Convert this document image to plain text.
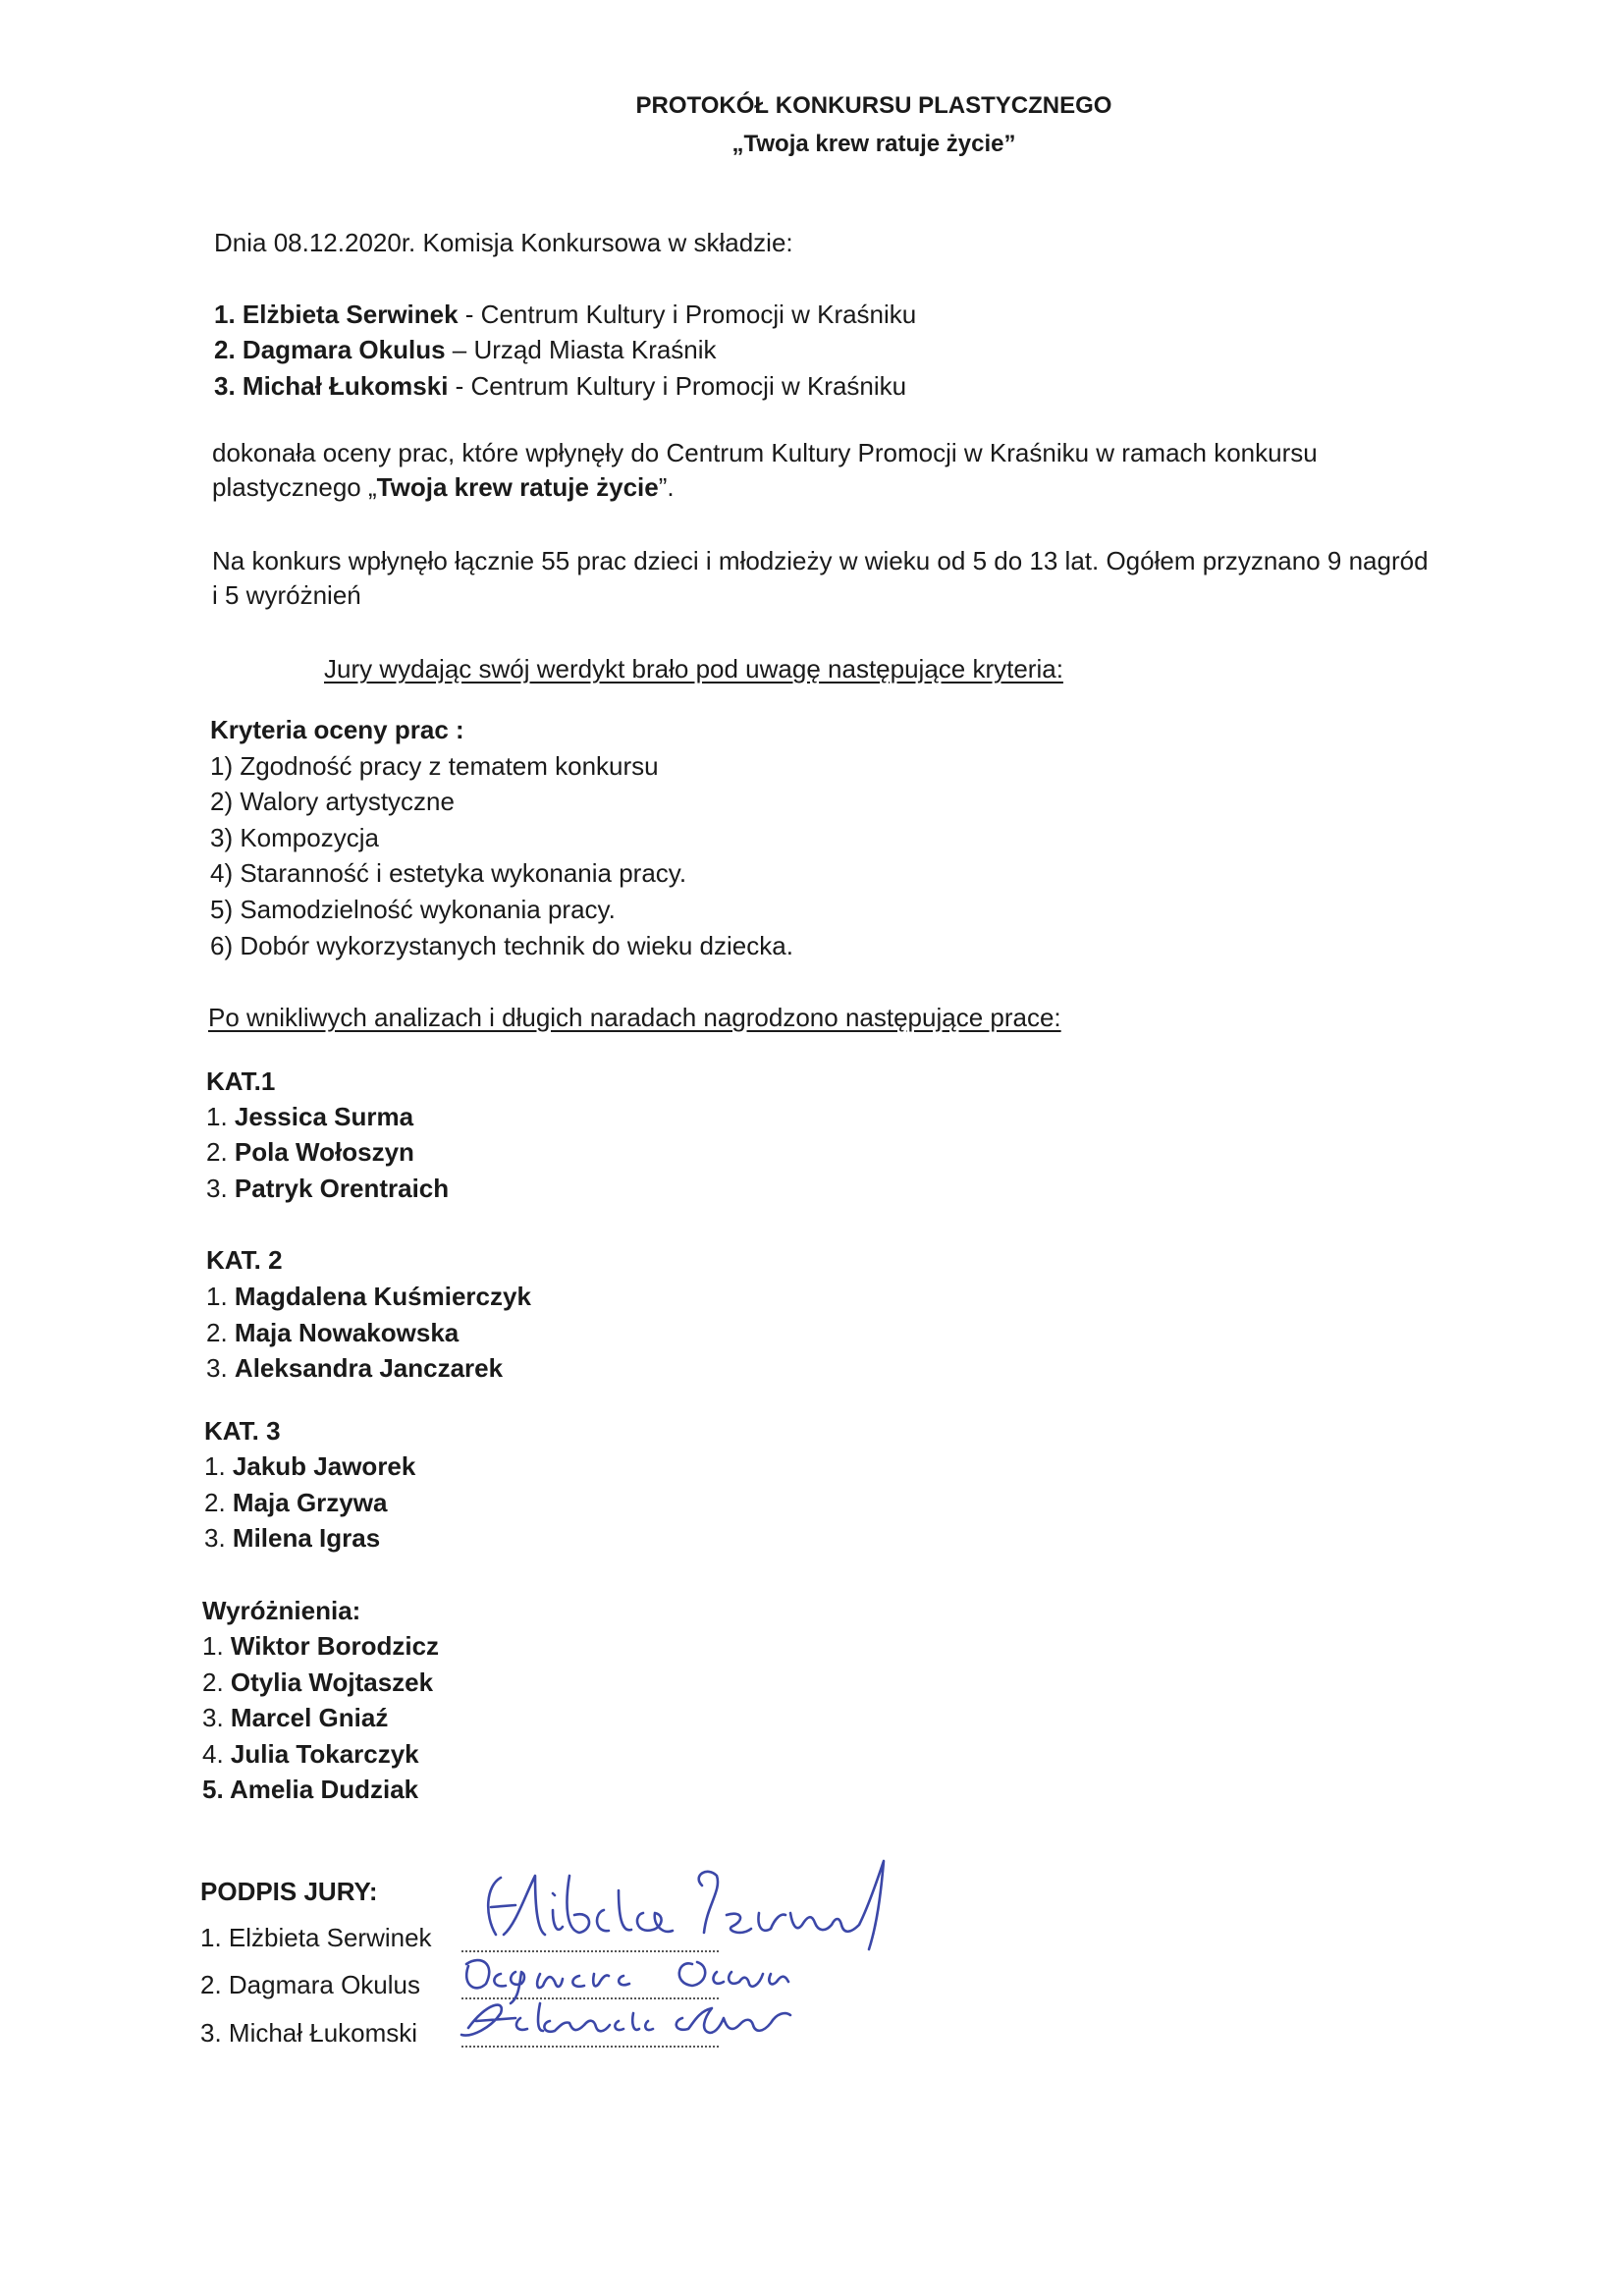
PROTOKÓŁ KONKURSU PLASTYCZNEGO
„Twoja krew ratuje życie”
Dnia 08.12.2020r. Komisja Konkursowa w składzie:
1. Elżbieta Serwinek - Centrum Kultury i Promocji w Kraśniku
2. Dagmara Okulus – Urząd Miasta Kraśnik
3. Michał Łukomski - Centrum Kultury i Promocji w Kraśniku
dokonała oceny prac, które wpłynęły do Centrum Kultury Promocji w Kraśniku w ramach konkursu
plastycznego „Twoja krew ratuje życie”.
Na konkurs wpłynęło łącznie 55 prac dzieci i młodzieży w wieku od 5 do 13 lat. Ogółem przyznano 9 nagród
i 5 wyróżnień
Jury wydając swój werdykt brało pod uwagę następujące kryteria:
Kryteria oceny prac :
1) Zgodność pracy z tematem konkursu
2) Walory artystyczne
3) Kompozycja
4) Staranność i estetyka wykonania pracy.
5) Samodzielność wykonania pracy.
6) Dobór wykorzystanych technik do wieku dziecka.
Po wnikliwych analizach i długich naradach nagrodzono następujące prace:
KAT.1
1. Jessica Surma
2. Pola Wołoszyn
3. Patryk Orentraich
KAT. 2
1. Magdalena Kuśmierczyk
2. Maja Nowakowska
3. Aleksandra Janczarek
KAT. 3
1. Jakub Jaworek
2. Maja Grzywa
3. Milena Igras
Wyróżnienia:
1. Wiktor Borodzicz
2. Otylia Wojtaszek
3. Marcel Gniaź
4. Julia Tokarczyk
5. Amelia Dudziak
PODPIS JURY:
1. Elżbieta Serwinek
2. Dagmara Okulus
3. Michał Łukomski
